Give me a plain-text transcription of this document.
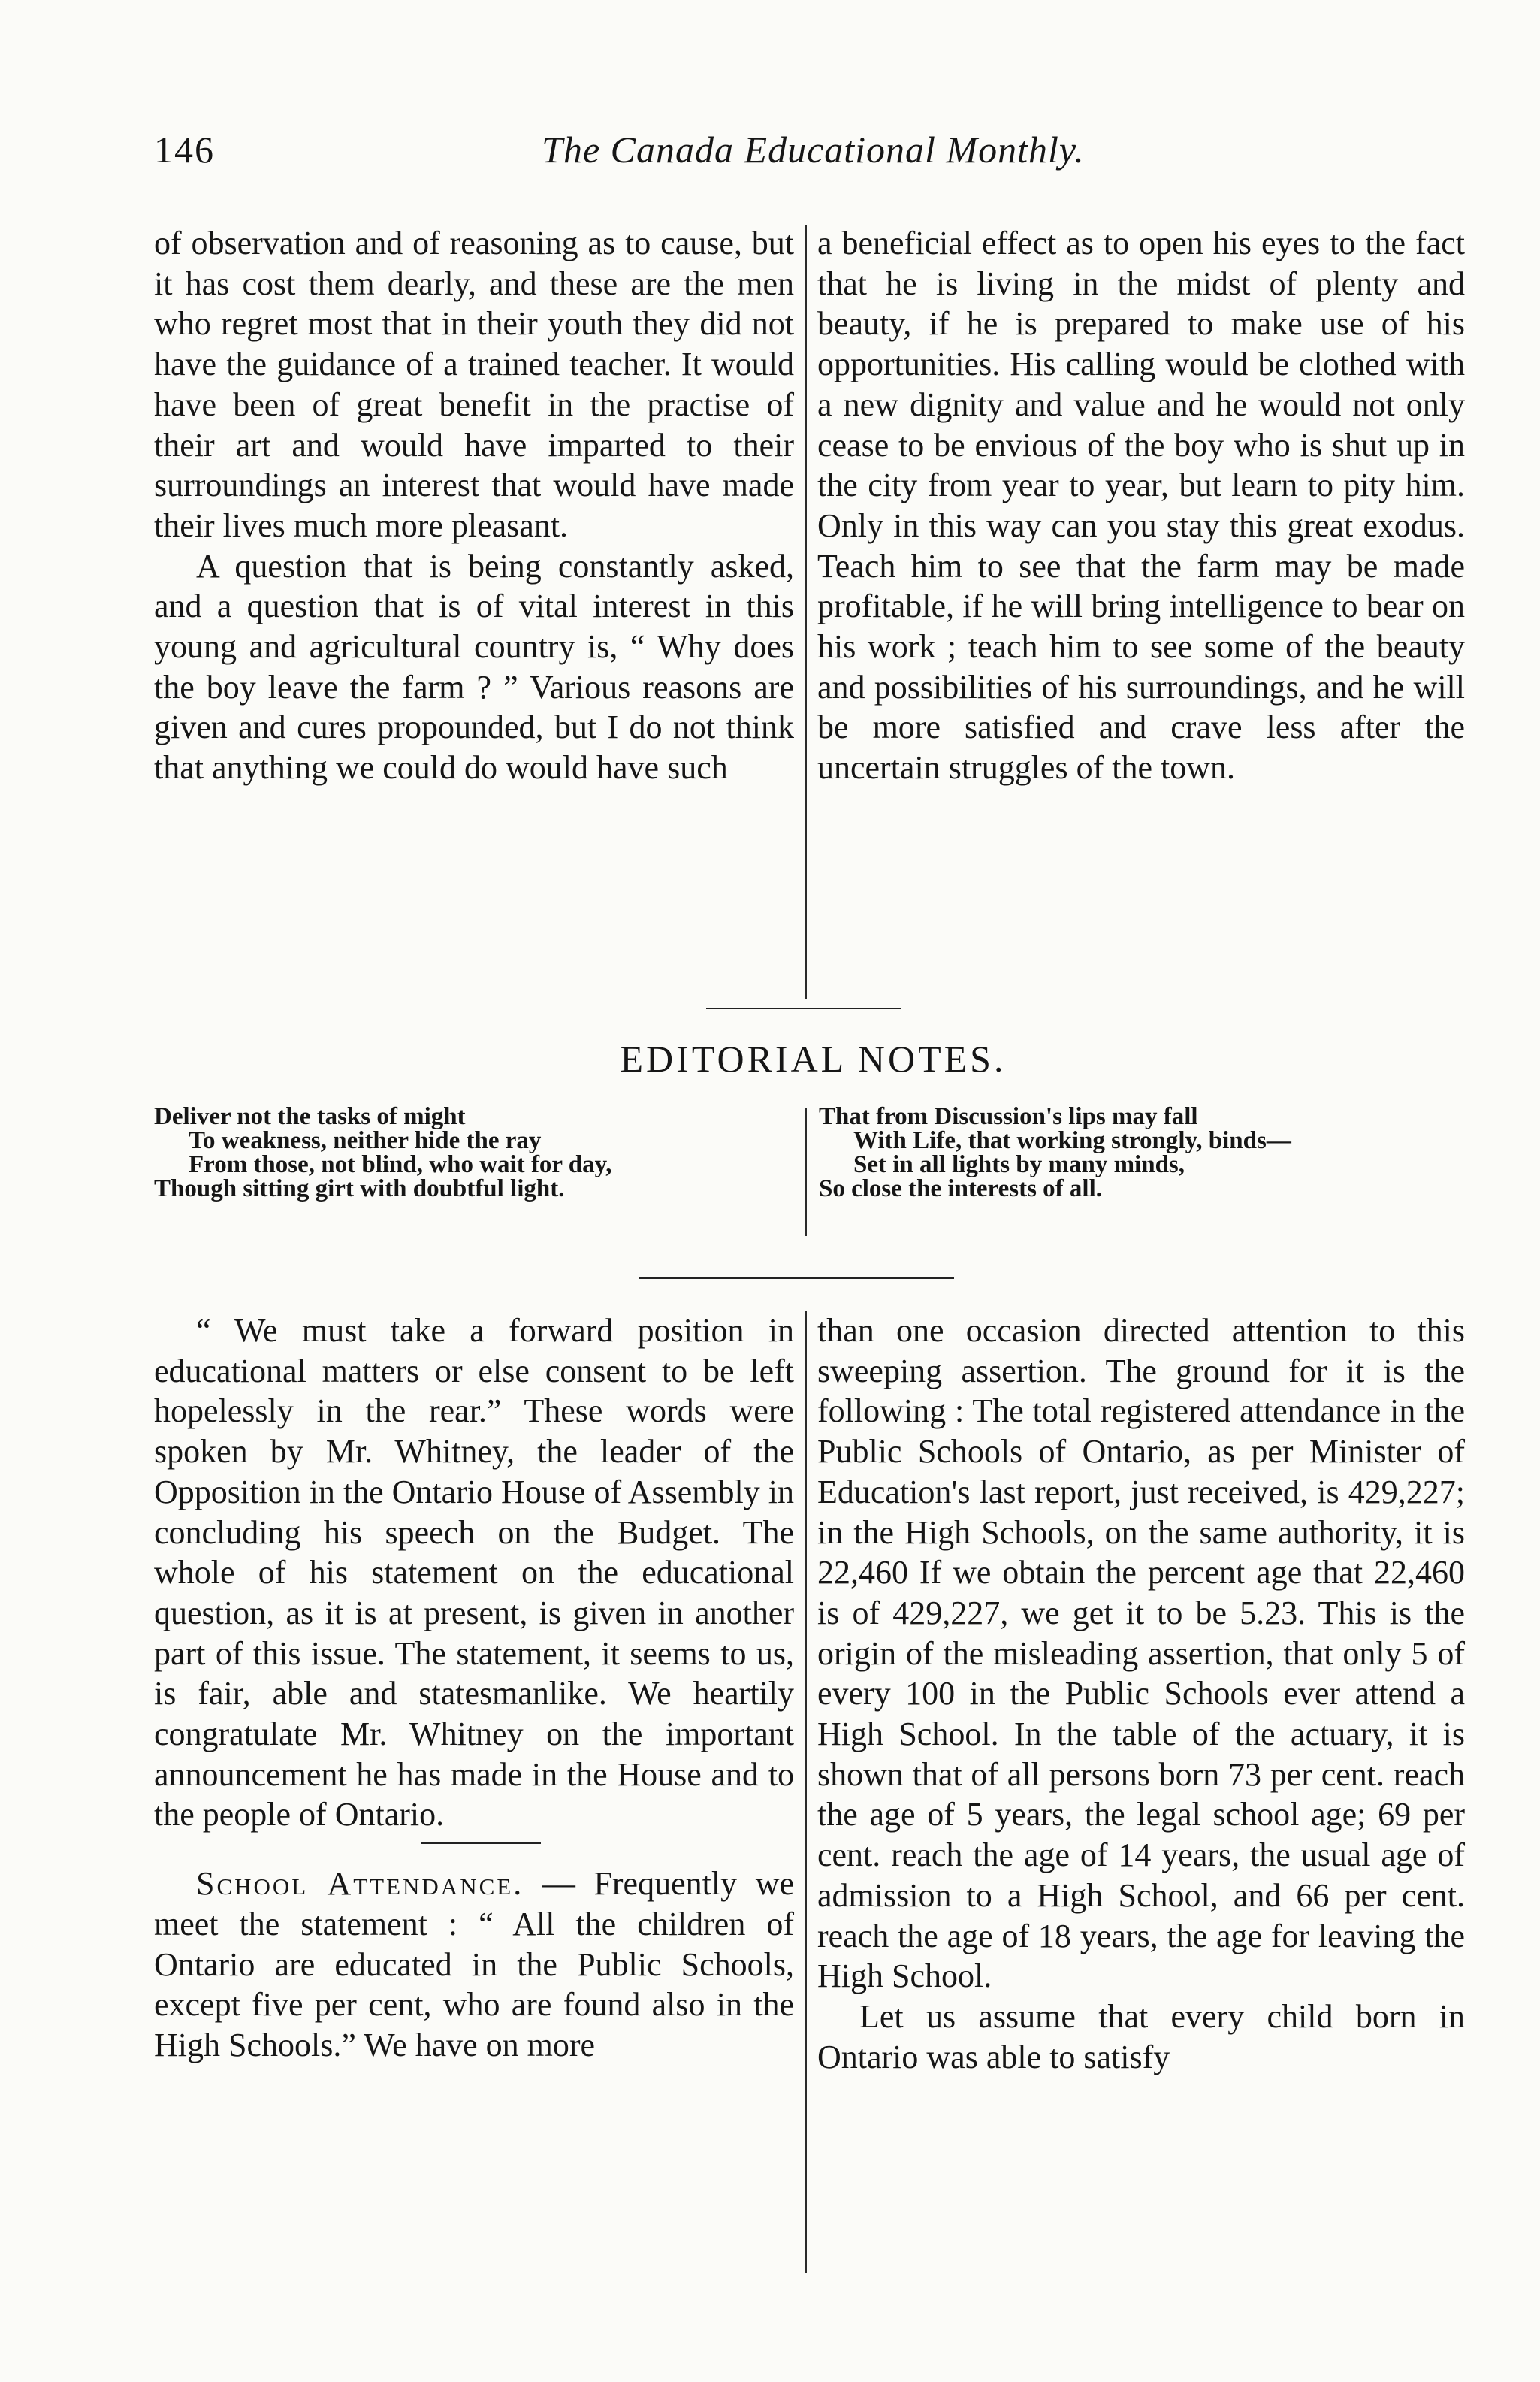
146	The Canada Educational Monthly.

of observation and of reasoning as to cause, but it has cost them dearly, and these are the men who regret most that in their youth they did not have the guidance of a trained teacher. It would have been of great benefit in the practise of their art and would have imparted to their surroundings an interest that would have made their lives much more pleasant.

A question that is being constantly asked, and a question that is of vital interest in this young and agricultural country is, “ Why does the boy leave the farm ? ” Various reasons are given and cures propounded, but I do not think that anything we could do would have such

a beneficial effect as to open his eyes to the fact that he is living in the midst of plenty and beauty, if he is prepared to make use of his opportunities. His calling would be clothed with a new dignity and value and he would not only cease to be envious of the boy who is shut up in the city from year to year, but learn to pity him. Only in this way can you stay this great exodus. Teach him to see that the farm may be made profitable, if he will bring intelligence to bear on his work ; teach him to see some of the beauty and possibilities of his surroundings, and he will be more satisfied and crave less after the uncertain struggles of the town.

EDITORIAL NOTES.
Deliver not the tasks of might
To weakness, neither hide the ray
From those, not blind, who wait for day,
Though sitting girt with doubtful light.
That from Discussion's lips may fall
With Life, that working strongly, binds—
Set in all lights by many minds,
So close the interests of all.

“ We must take a forward position in educational matters or else consent to be left hopelessly in the rear.” These words were spoken by Mr. Whitney, the leader of the Opposition in the Ontario House of Assembly in concluding his speech on the Budget. The whole of his statement on the educational question, as it is at present, is given in another part of this issue. The statement, it seems to us, is fair, able and statesmanlike. We heartily congratulate Mr. Whitney on the important announcement he has made in the House and to the people of Ontario.

School Attendance. — Frequently we meet the statement : “ All the children of Ontario are educated in the Public Schools, except five per cent, who are found also in the High Schools.” We have on more

than one occasion directed attention to this sweeping assertion. The ground for it is the following : The total registered attendance in the Public Schools of Ontario, as per Minister of Education's last report, just received, is 429,227; in the High Schools, on the same authority, it is 22,460 If we obtain the percent age that 22,460 is of 429,227, we get it to be 5.23. This is the origin of the misleading assertion, that only 5 of every 100 in the Public Schools ever attend a High School. In the table of the actuary, it is shown that of all persons born 73 per cent. reach the age of 5 years, the legal school age; 69 per cent. reach the age of 14 years, the usual age of admission to a High School, and 66 per cent. reach the age of 18 years, the age for leaving the High School.

Let us assume that every child born in Ontario was able to satisfy
